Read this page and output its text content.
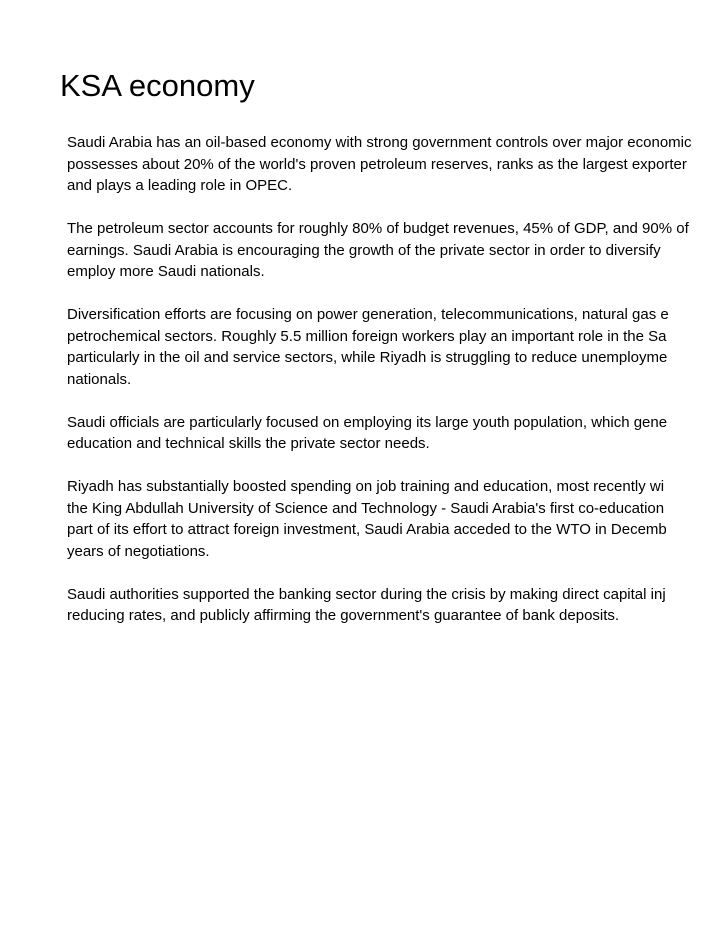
KSA economy

Saudi Arabia has an oil-based economy with strong government controls over major economic
possesses about 20% of the world's proven petroleum reserves, ranks as the largest exporter
and plays a leading role in OPEC.

The petroleum sector accounts for roughly 80% of budget revenues, 45% of GDP, and 90% of
earnings. Saudi Arabia is encouraging the growth of the private sector in order to diversify
employ more Saudi nationals.

Diversification efforts are focusing on power generation, telecommunications, natural gas e
petrochemical sectors. Roughly 5.5 million foreign workers play an important role in the Sa
particularly in the oil and service sectors, while Riyadh is struggling to reduce unemployme
nationals.

Saudi officials are particularly focused on employing its large youth population, which gene
education and technical skills the private sector needs.

Riyadh has substantially boosted spending on job training and education, most recently wi
the King Abdullah University of Science and Technology - Saudi Arabia's first co-education
part of its effort to attract foreign investment, Saudi Arabia acceded to the WTO in Decemb
years of negotiations.

Saudi authorities supported the banking sector during the crisis by making direct capital inj
reducing rates, and publicly affirming the government's guarantee of bank deposits.
